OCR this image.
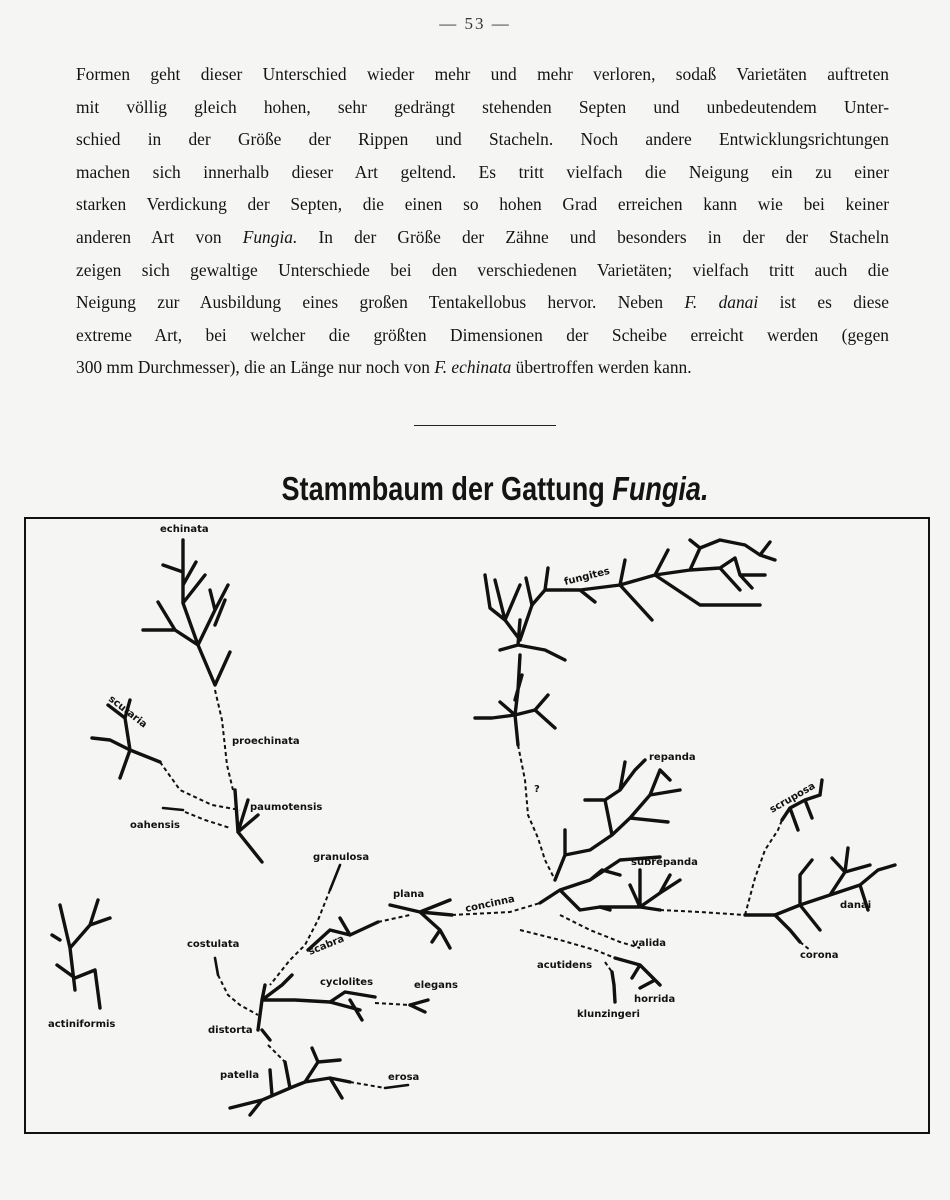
— 53 —
Formen geht dieser Unterschied wieder mehr und mehr verloren, sodaß Varietäten auftreten
mit völlig gleich hohen, sehr gedrängt stehenden Septen und unbedeutendem Unter-
schied in der Größe der Rippen und Stacheln. Noch andere Entwicklungsrichtungen
machen sich innerhalb dieser Art geltend. Es tritt vielfach die Neigung ein zu einer
starken Verdickung der Septen, die einen so hohen Grad erreichen kann wie bei keiner
anderen Art von Fungia. In der Größe der Zähne und besonders in der der Stacheln
zeigen sich gewaltige Unterschiede bei den verschiedenen Varietäten; vielfach tritt auch die
Neigung zur Ausbildung eines großen Tentakellobus hervor. Neben F. danai ist es diese
extreme Art, bei welcher die größten Dimensionen der Scheibe erreicht werden (gegen
300 mm Durchmesser), die an Länge nur noch von F. echinata übertroffen werden kann.
Stammbaum der Gattung Fungia.
echinata
scutaria
proechinata
paumotensis
oahensis
actiniformis
granulosa
costulata	scabra
plana
cyclolites	elegans
distorta
patella	erosa
fungites
?
repanda
concinna
subrepanda
scruposa
danai
corona
valida
acutidens
horrida
klunzingeri
